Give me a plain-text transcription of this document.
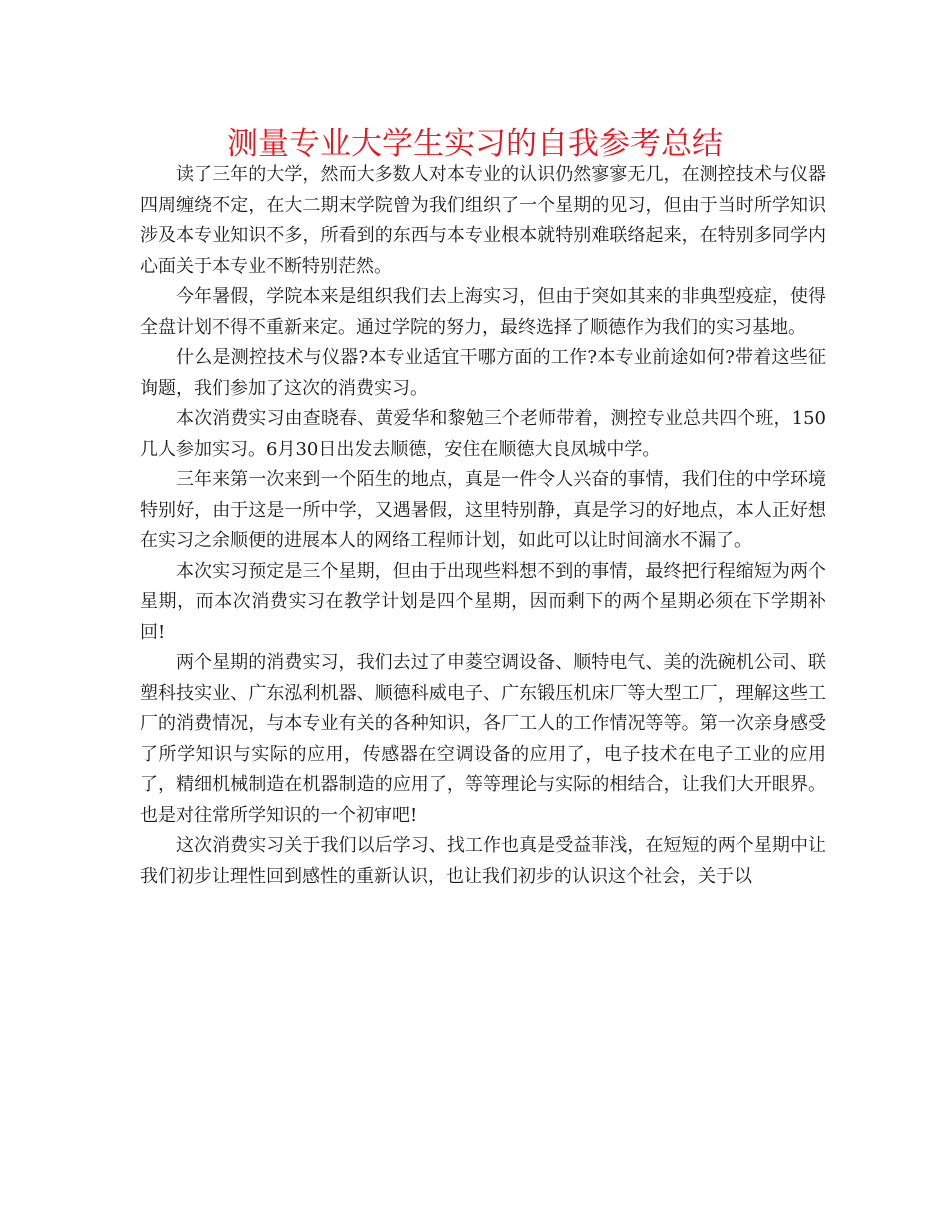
测量专业大学生实习的自我参考总结

读了三年的大学，然而大多数人对本专业的认识仍然寥寥无几，在测控技术与仪器四周缠绕不定，在大二期末学院曾为我们组织了一个星期的见习，但由于当时所学知识涉及本专业知识不多，所看到的东西与本专业根本就特别难联络起来，在特别多同学内心面关于本专业不断特别茫然。

今年暑假，学院本来是组织我们去上海实习，但由于突如其来的非典型疫症，使得全盘计划不得不重新来定。通过学院的努力，最终选择了顺德作为我们的实习基地。

什么是测控技术与仪器?本专业适宜干哪方面的工作?本专业前途如何?带着这些征询题，我们参加了这次的消费实习。

本次消费实习由查晓春、黄爱华和黎勉三个老师带着，测控专业总共四个班，150几人参加实习。6月30日出发去顺德，安住在顺德大良凤城中学。

三年来第一次来到一个陌生的地点，真是一件令人兴奋的事情，我们住的中学环境特别好，由于这是一所中学，又遇暑假，这里特别静，真是学习的好地点，本人正好想在实习之余顺便的进展本人的网络工程师计划，如此可以让时间滴水不漏了。

本次实习预定是三个星期，但由于出现些料想不到的事情，最终把行程缩短为两个星期，而本次消费实习在教学计划是四个星期，因而剩下的两个星期必须在下学期补回!

两个星期的消费实习，我们去过了申菱空调设备、顺特电气、美的洗碗机公司、联塑科技实业、广东泓利机器、顺德科威电子、广东锻压机床厂等大型工厂，理解这些工厂的消费情况，与本专业有关的各种知识，各厂工人的工作情况等等。第一次亲身感受了所学知识与实际的应用，传感器在空调设备的应用了，电子技术在电子工业的应用了，精细机械制造在机器制造的应用了，等等理论与实际的相结合，让我们大开眼界。也是对往常所学知识的一个初审吧!

这次消费实习关于我们以后学习、找工作也真是受益菲浅，在短短的两个星期中让我们初步让理性回到感性的重新认识，也让我们初步的认识这个社会，关于以
